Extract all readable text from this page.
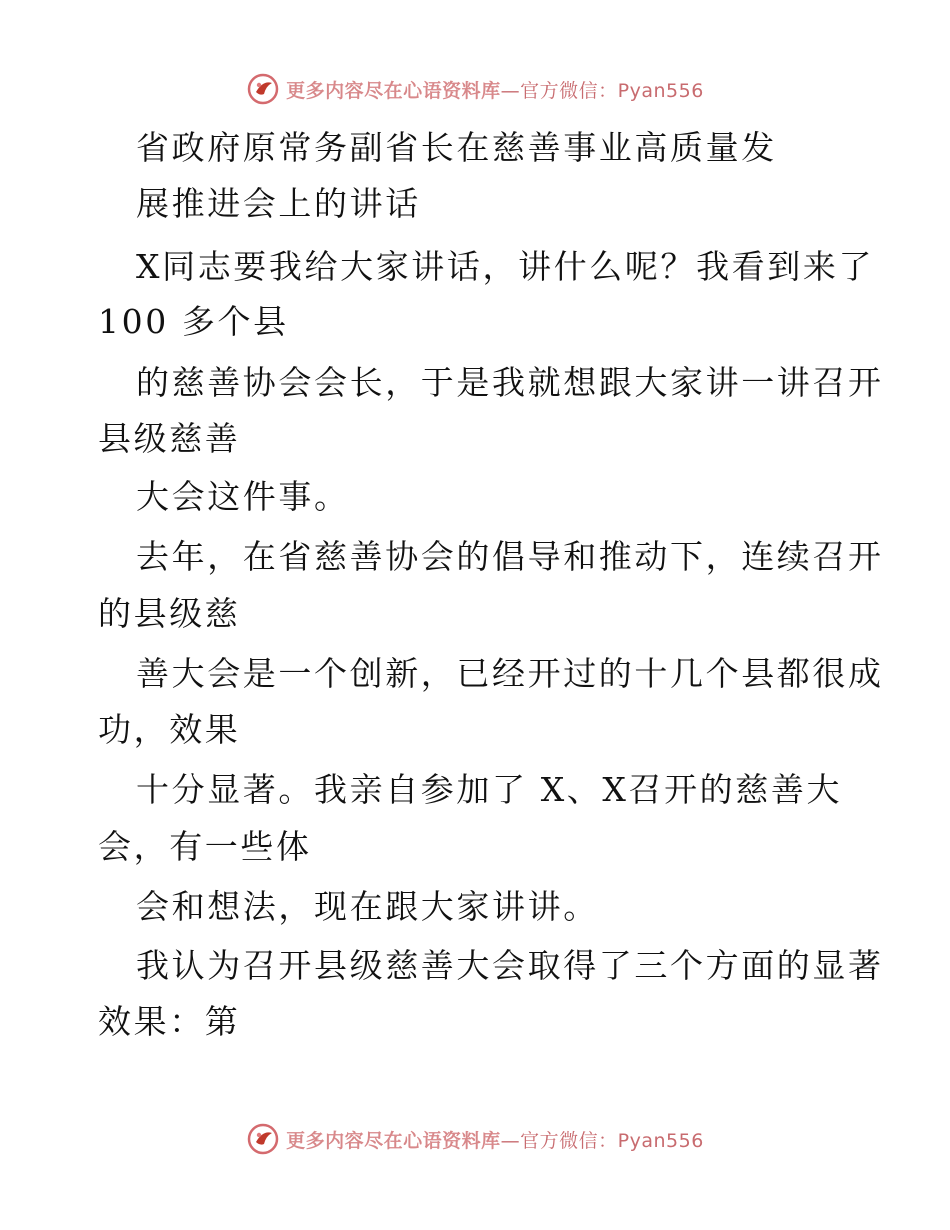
更多内容尽在心语资料库—官方微信：Pyan556
省政府原常务副省长在慈善事业高质量发
展推进会上的讲话
X同志要我给大家讲话，讲什么呢？我看到来了
100 多个县
的慈善协会会长，于是我就想跟大家讲一讲召开
县级慈善
大会这件事。
去年，在省慈善协会的倡导和推动下，连续召开
的县级慈
善大会是一个创新，已经开过的十几个县都很成
功，效果
十分显著。我亲自参加了 X、X召开的慈善大
会，有一些体
会和想法，现在跟大家讲讲。
我认为召开县级慈善大会取得了三个方面的显著
效果：第
更多内容尽在心语资料库—官方微信：Pyan556
